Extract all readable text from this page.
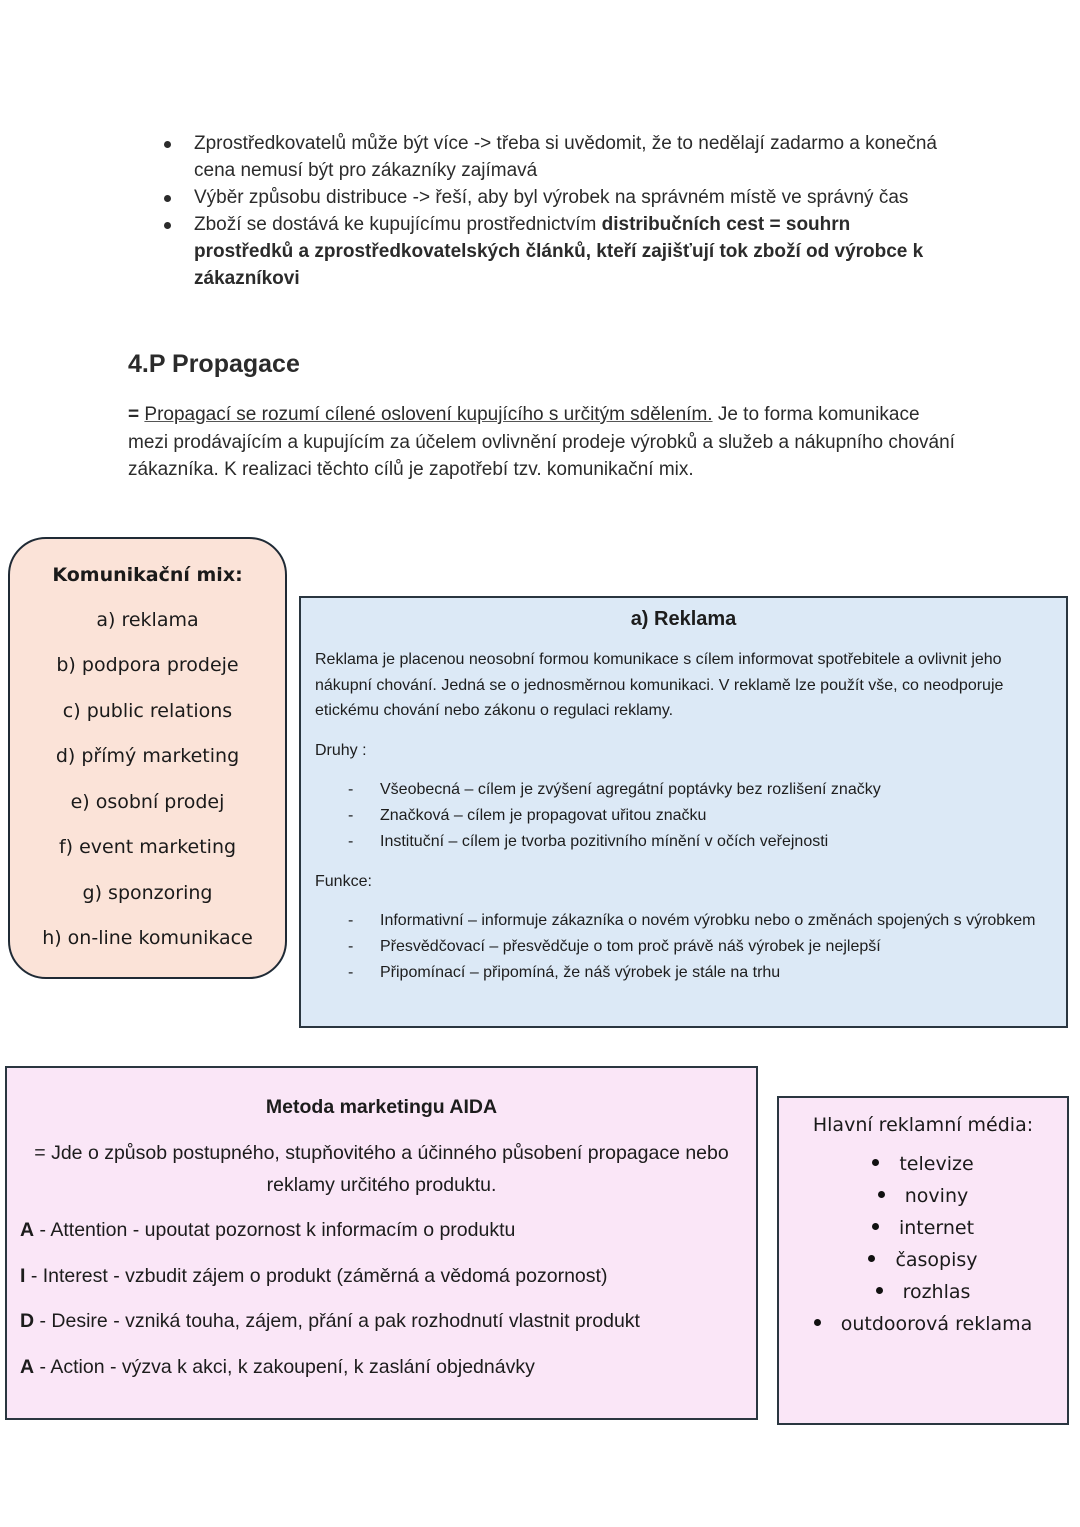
Zprostředkovatelů může být více -> třeba si uvědomit, že to nedělají zadarmo a konečná cena nemusí být pro zákazníky zajímavá
Výběr způsobu distribuce -> řeší, aby byl výrobek na správném místě ve správný čas
Zboží se dostává ke kupujícímu prostřednictvím distribučních cest = souhrn prostředků a zprostředkovatelských článků, kteří zajišťují tok zboží od výrobce k zákazníkovi
4.P Propagace

= Propagací se rozumí cílené oslovení kupujícího s určitým sdělením. Je to forma komunikace mezi prodávajícím a kupujícím za účelem ovlivnění prodeje výrobků a služeb a nákupního chování zákazníka. K realizaci těchto cílů je zapotřebí tzv. komunikační mix.

Komunikační mix:
a) reklama
b) podpora prodeje
c) public relations
d) přímý marketing
e) osobní prodej
f) event marketing
g) sponzoring
h) on-line komunikace
a) Reklama

Reklama je placenou neosobní formou komunikace s cílem informovat spotřebitele a ovlivnit jeho nákupní chování. Jedná se o jednosměrnou komunikaci. V reklamě lze použít vše, co neodporuje etickému chování nebo zákonu o regulaci reklamy.

Druhy :
- Všeobecná – cílem je zvýšení agregátní poptávky bez rozlišení značky
- Značková – cílem je propagovat uřitou značku
- Instituční – cílem je tvorba pozitivního mínění v očích veřejnosti
Funkce:
- Informativní – informuje zákazníka o novém výrobku nebo o změnách spojených s výrobkem
- Přesvědčovací – přesvědčuje o tom proč právě náš výrobek je nejlepší
- Připomínací – připomíná, že náš výrobek je stále na trhu
Metoda marketingu AIDA
= Jde o způsob postupného, stupňovitého a účinného působení propagace nebo reklamy určitého produktu.
A - Attention - upoutat pozornost k informacím o produktu
I - Interest - vzbudit zájem o produkt (záměrná a vědomá pozornost)
D - Desire - vzniká touha, zájem, přání a pak rozhodnutí vlastnit produkt
A - Action - výzva k akci, k zakoupení, k zaslání objednávky
Hlavní reklamní média:
televize
noviny
internet
časopisy
rozhlas
outdoorová reklama
